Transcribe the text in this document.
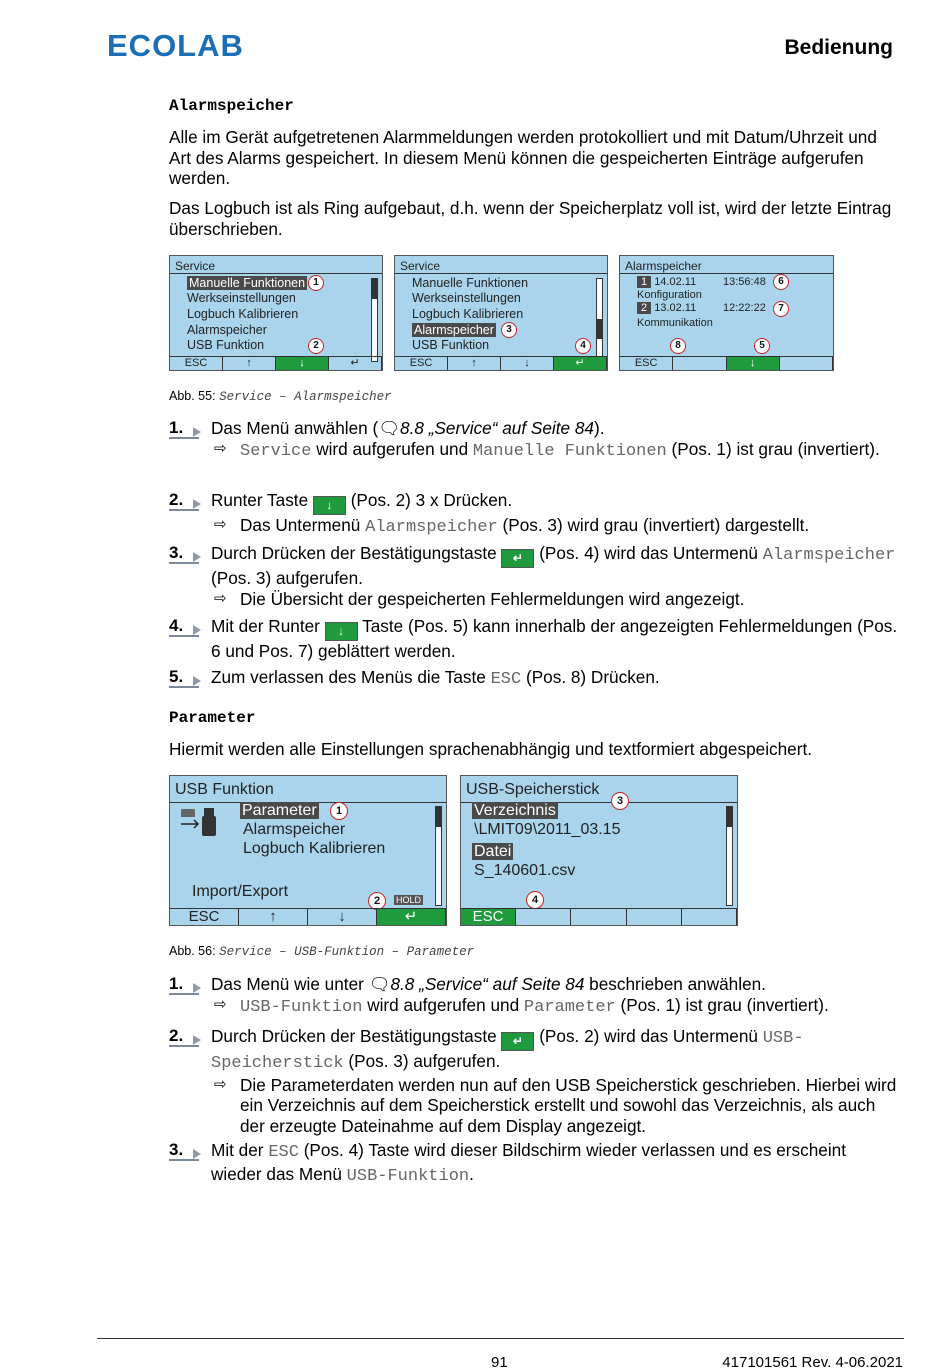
ECOLAB	Bedienung
Alarmspeicher
Alle im Gerät aufgetretenen Alarmmeldungen werden protokolliert und mit Datum/Uhrzeit und Art des Alarms gespeichert. In diesem Menü können die gespeicherten Einträge aufgerufen werden.
Das Logbuch ist als Ring aufgebaut, d.h. wenn der Speicherplatz voll ist, wird der letzte Eintrag überschrieben.
Service
Manuelle Funktionen
Werkseinstellungen
Logbuch Kalibrieren
Alarmspeicher
USB Funktion
1
2
ESC	↑	↓	↵
Service
Manuelle Funktionen
Werkseinstellungen
Logbuch Kalibrieren
Alarmspeicher
USB Funktion
3
4
ESC	↑	↓	↵
Alarmspeicher
1 14.02.11 13:56:48
Konfiguration
2 13.02.11 12:22:22
Kommunikation
6
7
8	5
ESC	↓
Abb. 55: Service – Alarmspeicher
1. Das Menü anwählen (🗨8.8 „Service“ auf Seite 84).
⇨ Service wird aufgerufen und Manuelle Funktionen (Pos. 1) ist grau (invertiert).
2. Runter Taste ↓ (Pos. 2) 3 x Drücken.
⇨ Das Untermenü Alarmspeicher (Pos. 3) wird grau (invertiert) dargestellt.
3. Durch Drücken der Bestätigungstaste ↵ (Pos. 4) wird das Untermenü Alarmspeicher (Pos. 3) aufgerufen.
⇨ Die Übersicht der gespeicherten Fehlermeldungen wird angezeigt.
4. Mit der Runter ↓ Taste (Pos. 5) kann innerhalb der angezeigten Fehlermeldungen (Pos. 6 und Pos. 7) geblättert werden.
5. Zum verlassen des Menüs die Taste ESC (Pos. 8) Drücken.
Parameter
Hiermit werden alle Einstellungen sprachenabhängig und textformiert abgespeichert.
USB Funktion
Parameter
Alarmspeicher
Logbuch Kalibrieren
Import/Export	HOLD
1
2
ESC	↑	↓	↵
USB-Speicherstick
Verzeichnis
\LMIT09\2011_03.15
Datei
S_140601.csv
3
4
ESC
Abb. 56: Service – USB-Funktion – Parameter
1. Das Menü wie unter 🗨8.8 „Service“ auf Seite 84 beschrieben anwählen.
⇨ USB-Funktion wird aufgerufen und Parameter (Pos. 1) ist grau (invertiert).
2. Durch Drücken der Bestätigungstaste ↵ (Pos. 2) wird das Untermenü USB-Speicherstick (Pos. 3) aufgerufen.
⇨ Die Parameterdaten werden nun auf den USB Speicherstick geschrieben. Hierbei wird ein Verzeichnis auf dem Speicherstick erstellt und sowohl das Verzeichnis, als auch der erzeugte Dateinahme auf dem Display angezeigt.
3. Mit der ESC (Pos. 4) Taste wird dieser Bildschirm wieder verlassen und es erscheint wieder das Menü USB-Funktion.
91	417101561 Rev. 4-06.2021
